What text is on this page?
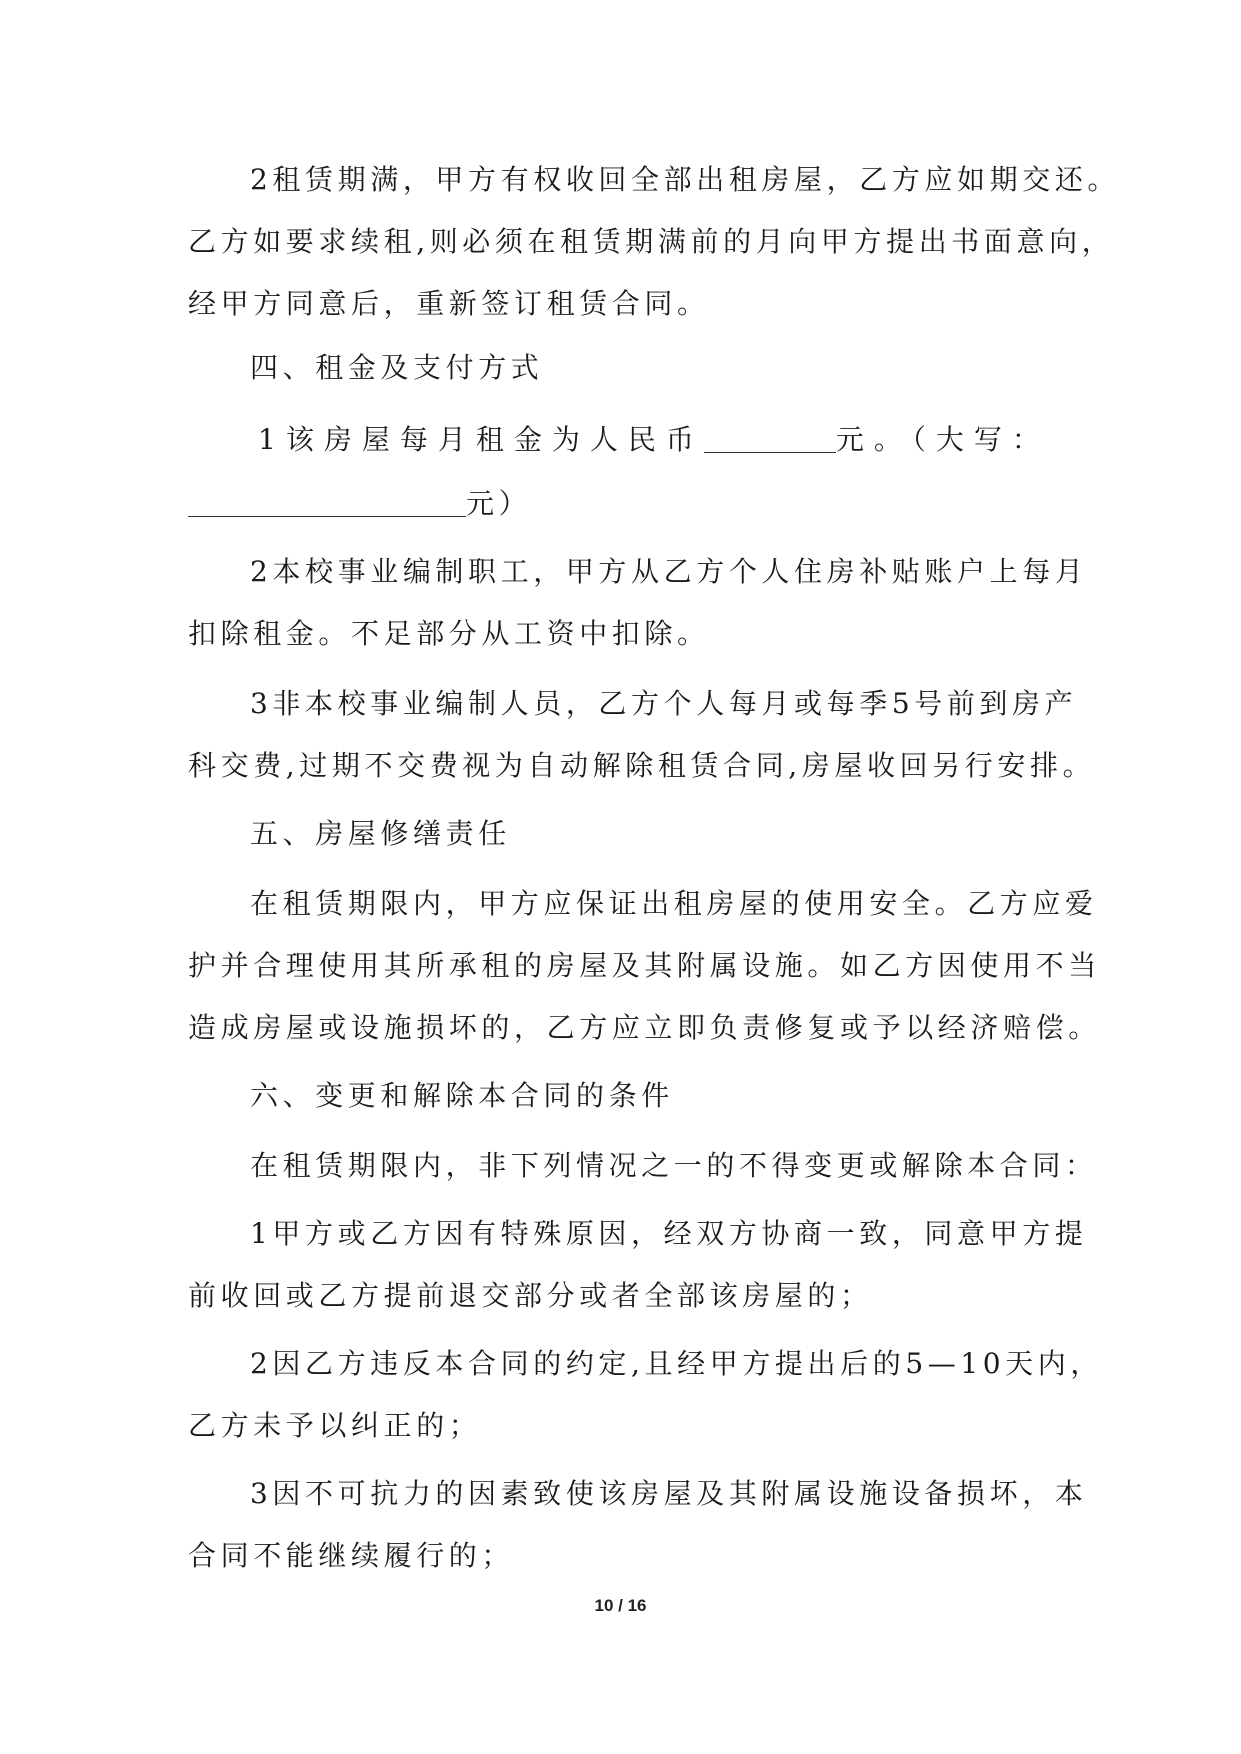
2租赁期满，甲方有权收回全部出租房屋，乙方应如期交还。
乙方如要求续租,则必须在租赁期满前的月向甲方提出书面意向，
经甲方同意后，重新签订租赁合同。
四、租金及支付方式
1该房屋每月租金为人民币	元。（大写：
元）
2本校事业编制职工，甲方从乙方个人住房补贴账户上每月
扣除租金。不足部分从工资中扣除。
3非本校事业编制人员，乙方个人每月或每季5号前到房产
科交费,过期不交费视为自动解除租赁合同,房屋收回另行安排。
五、房屋修缮责任
在租赁期限内，甲方应保证出租房屋的使用安全。乙方应爱
护并合理使用其所承租的房屋及其附属设施。如乙方因使用不当
造成房屋或设施损坏的，乙方应立即负责修复或予以经济赔偿。
六、变更和解除本合同的条件
在租赁期限内，非下列情况之一的不得变更或解除本合同：
1甲方或乙方因有特殊原因，经双方协商一致，同意甲方提
前收回或乙方提前退交部分或者全部该房屋的；
2因乙方违反本合同的约定,且经甲方提出后的5—10天内，
乙方未予以纠正的；
3因不可抗力的因素致使该房屋及其附属设施设备损坏，本
合同不能继续履行的；
10 / 16
